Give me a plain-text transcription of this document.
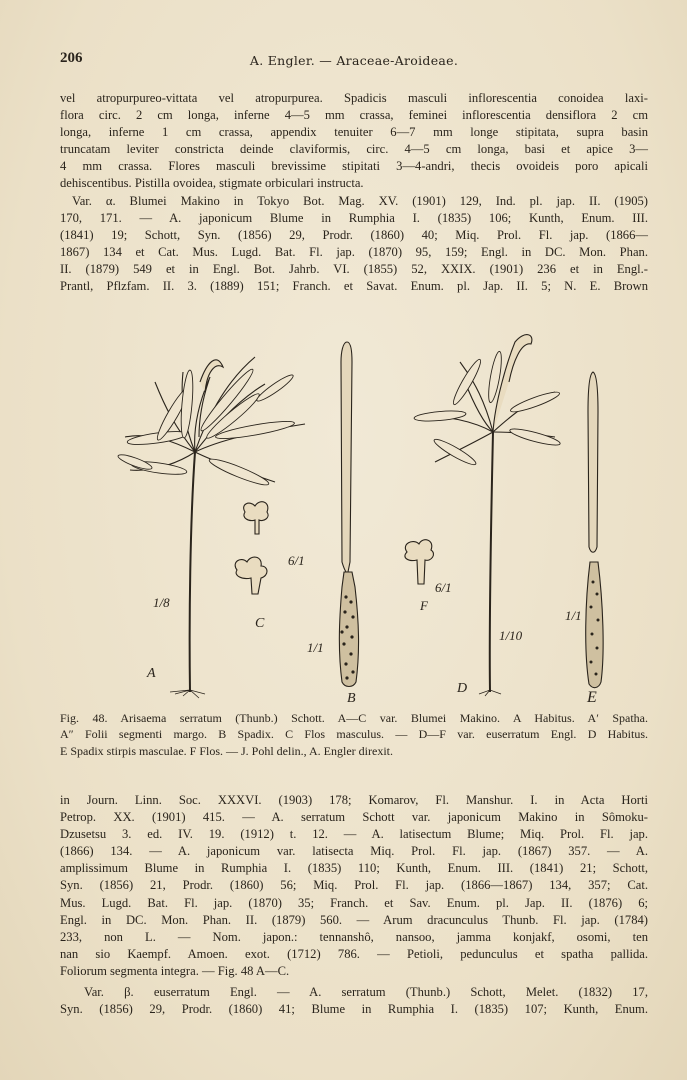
206	A. Engler. — Araceae-Aroideae.
vel atropurpureo-vittata vel atropurpurea. Spadicis masculi inflorescentia conoidea laxi-
flora circ. 2 cm longa, inferne 4—5 mm crassa, feminei inflorescentia densiflora 2 cm
longa, inferne 1 cm crassa, appendix tenuiter 6—7 mm longe stipitata, supra basin
truncatam leviter constricta deinde claviformis, circ. 4—5 cm longa, basi et apice 3—
4 mm crassa. Flores masculi brevissime stipitati 3—4-andri, thecis ovoideis poro apicali
dehiscentibus. Pistilla ovoidea, stigmate orbiculari instructa.
Var. α. Blumei Makino in Tokyo Bot. Mag. XV. (1901) 129, Ind. pl. jap. II. (1905)
170, 171. — A. japonicum Blume in Rumphia I. (1835) 106; Kunth, Enum. III.
(1841) 19; Schott, Syn. (1856) 29, Prodr. (1860) 40; Miq. Prol. Fl. jap. (1866—
1867) 134 et Cat. Mus. Lugd. Bat. Fl. jap. (1870) 95, 159; Engl. in DC. Mon. Phan.
II. (1879) 549 et in Engl. Bot. Jahrb. VI. (1855) 52, XXIX. (1901) 236 et in Engl.-
Prantl, Pflzfam. II. 3. (1889) 151; Franch. et Savat. Enum. pl. Jap. II. 5; N. E. Brown
1/8
6/1
1/1
6/1
1/10
1/1
A
B
C
D
E
F
Fig. 48. Arisaema serratum (Thunb.) Schott. A—C var. Blumei Makino. A Habitus. A′ Spatha.
A″ Folii segmenti margo. B Spadix. C Flos masculus. — D—F var. euserratum Engl. D Habitus.
E Spadix stirpis masculae. F Flos. — J. Pohl delin., A. Engler direxit.
in Journ. Linn. Soc. XXXVI. (1903) 178; Komarov, Fl. Manshur. I. in Acta Horti
Petrop. XX. (1901) 415. — A. serratum Schott var. japonicum Makino in Sômoku-
Dzusetsu 3. ed. IV. 19. (1912) t. 12. — A. latisectum Blume; Miq. Prol. Fl. jap.
(1866) 134. — A. japonicum var. latisecta Miq. Prol. Fl. jap. (1867) 357. — A.
amplissimum Blume in Rumphia I. (1835) 110; Kunth, Enum. III. (1841) 21; Schott,
Syn. (1856) 21, Prodr. (1860) 56; Miq. Prol. Fl. jap. (1866—1867) 134, 357; Cat.
Mus. Lugd. Bat. Fl. jap. (1870) 35; Franch. et Sav. Enum. pl. Jap. II. (1876) 6;
Engl. in DC. Mon. Phan. II. (1879) 560. — Arum dracunculus Thunb. Fl. jap. (1784)
233, non L. — Nom. japon.: tennanshô, nansoo, jamma konjakf, osomi, ten
nan sio Kaempf. Amoen. exot. (1712) 786. — Petioli, pedunculus et spatha pallida.
Foliorum segmenta integra. — Fig. 48 A—C.
Var. β. euserratum Engl. — A. serratum (Thunb.) Schott, Melet. (1832) 17,
Syn. (1856) 29, Prodr. (1860) 41; Blume in Rumphia I. (1835) 107; Kunth, Enum.
